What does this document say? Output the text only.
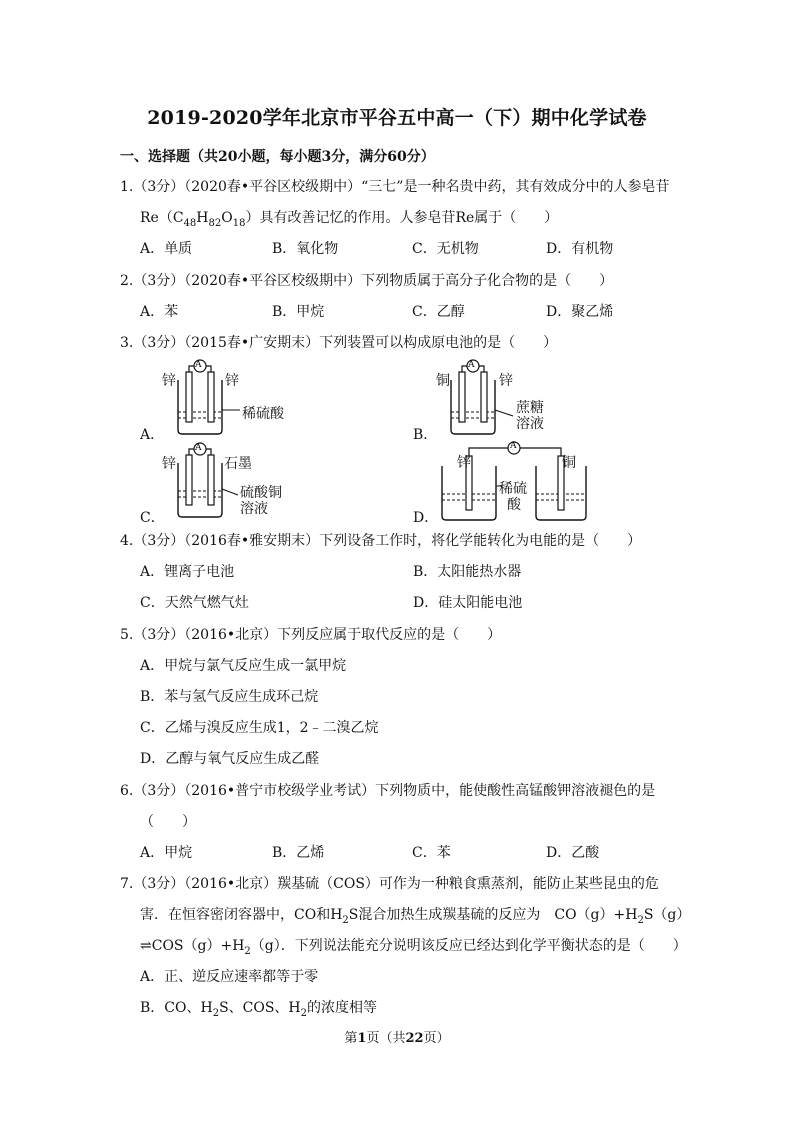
2019-2020学年北京市平谷五中高一（下）期中化学试卷
一、选择题（共20小题，每小题3分，满分60分）
1.（3分）（2020春•平谷区校级期中）“三七”是一种名贵中药，其有效成分中的人参皂苷
$Re(C_{48}H_{82}O_{18})$具有改善记忆的作用。人参皂苷Re属于（　　）
A．单质	B．氧化物	C．无机物	D．有机物
2.（3分）（2020春•平谷区校级期中）下列物质属于高分子化合物的是（　　）
A．苯	B．甲烷	C．乙醇	D．聚乙烯
3.（3分）（2015春•广安期末）下列装置可以构成原电池的是（　　）
A．
A
锌	锌
稀硫酸
B．
A
铜	锌
蔗糖
溶液
C．
A
锌	石墨
硫酸铜
溶液
D．
A
锌	铜
稀硫
酸
4.（3分）（2016春•雅安期末）下列设备工作时，将化学能转化为电能的是（　　）
A．锂离子电池	B．太阳能热水器
C．天然气燃气灶	D．硅太阳能电池
5.（3分）（2016•北京）下列反应属于取代反应的是（　　）
A．甲烷与氯气反应生成一氯甲烷
B．苯与氢气反应生成环己烷
C．乙烯与溴反应生成1，2﹣二溴乙烷
D．乙醇与氧气反应生成乙醛
6.（3分）（2016•普宁市校级学业考试）下列物质中，能使酸性高锰酸钾溶液褪色的是
（　　）
A．甲烷	B．乙烯	C．苯	D．乙酸
7.（3分）（2016•北京）羰基硫（COS）可作为一种粮食熏蒸剂，能防止某些昆虫的危
害．在恒容密闭容器中，CO和$H_2S$混合加热生成羰基硫的反应为　$CO(g)+H_2S(g)$
$\rightleftharpoons COS(g)+H_2(g)$．下列说法能充分说明该反应已经达到化学平衡状态的是（　　）
A．正、逆反应速率都等于零
B．CO、$H_2S$、COS、$H_2$的浓度相等
第1页（共22页）
